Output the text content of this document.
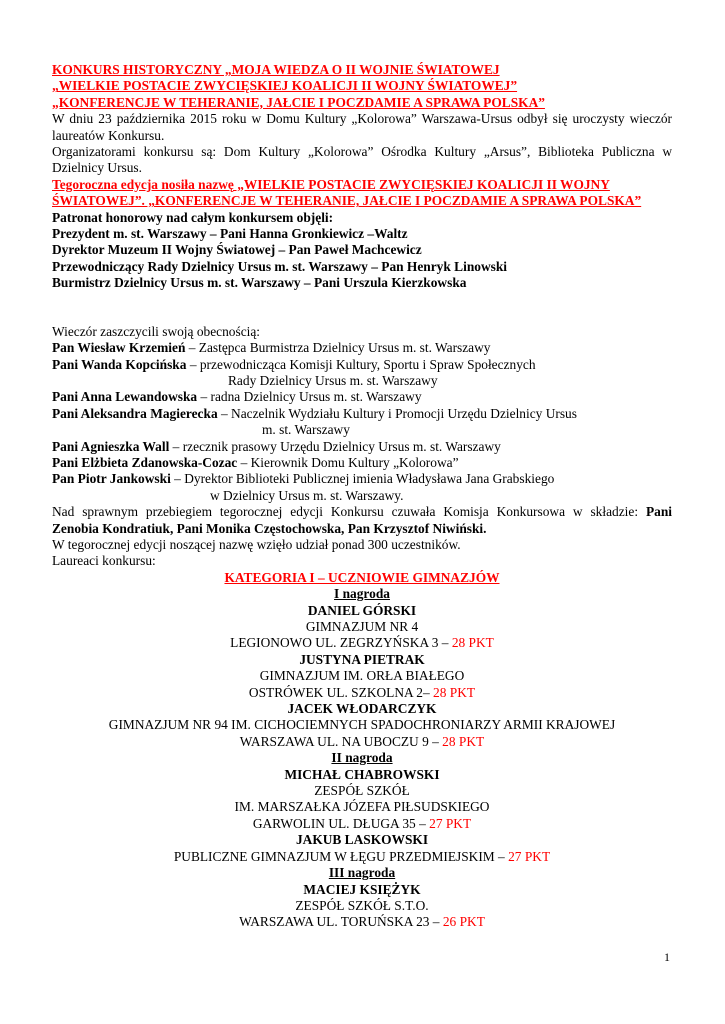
KONKURS HISTORYCZNY „MOJA WIEDZA O II WOJNIE ŚWIATOWEJ

„WIELKIE POSTACIE ZWYCIĘSKIEJ KOALICJI II WOJNY ŚWIATOWEJ”

„KONFERENCJE W TEHERANIE, JAŁCIE I POCZDAMIE A SPRAWA POLSKA”

W dniu 23 października 2015 roku w Domu Kultury „Kolorowa” Warszawa-Ursus odbył się uroczysty wieczór laureatów Konkursu.

Organizatorami konkursu są: Dom Kultury „Kolorowa” Ośrodka Kultury „Arsus”, Biblioteka Publiczna w Dzielnicy Ursus.

Tegoroczna edycja nosiła nazwę „WIELKIE POSTACIE ZWYCIĘSKIEJ KOALICJI II WOJNY ŚWIATOWEJ”. „KONFERENCJE W TEHERANIE, JAŁCIE I POCZDAMIE A SPRAWA POLSKA”

Patronat honorowy nad całym konkursem objęli:

Prezydent m. st. Warszawy – Pani Hanna Gronkiewicz –Waltz

Dyrektor Muzeum II Wojny Światowej – Pan Paweł Machcewicz

Przewodniczący Rady Dzielnicy Ursus m. st. Warszawy – Pan Henryk Linowski

Burmistrz Dzielnicy Ursus m. st. Warszawy – Pani Urszula Kierzkowska

Wieczór zaszczycili swoją obecnością:

Pan Wiesław Krzemień – Zastępca Burmistrza Dzielnicy Ursus m. st. Warszawy

Pani Wanda Kopcińska – przewodnicząca Komisji Kultury, Sportu i Spraw Społecznych

Rady Dzielnicy Ursus m. st. Warszawy

Pani Anna Lewandowska – radna Dzielnicy Ursus m. st. Warszawy

Pani Aleksandra Magierecka – Naczelnik Wydziału Kultury i Promocji Urzędu Dzielnicy Ursus

m. st. Warszawy

Pani Agnieszka Wall – rzecznik prasowy Urzędu Dzielnicy Ursus m. st. Warszawy

Pani Elżbieta Zdanowska-Cozac – Kierownik Domu Kultury „Kolorowa”

Pan Piotr Jankowski – Dyrektor Biblioteki Publicznej imienia Władysława Jana Grabskiego

w Dzielnicy Ursus m. st. Warszawy.

Nad sprawnym przebiegiem tegorocznej edycji Konkursu czuwała Komisja Konkursowa w składzie: Pani Zenobia Kondratiuk, Pani Monika Częstochowska, Pan Krzysztof Niwiński.

W tegorocznej edycji noszącej nazwę wzięło udział ponad 300 uczestników.

Laureaci konkursu:

KATEGORIA I – UCZNIOWIE GIMNAZJÓW

I nagroda

DANIEL GÓRSKI

GIMNAZJUM NR 4

LEGIONOWO UL. ZEGRZYŃSKA 3 – 28 PKT

JUSTYNA PIETRAK

GIMNAZJUM IM. ORŁA BIAŁEGO

OSTRÓWEK UL. SZKOLNA 2– 28 PKT

JACEK WŁODARCZYK

GIMNAZJUM NR 94 IM. CICHOCIEMNYCH SPADOCHRONIARZY ARMII KRAJOWEJ

WARSZAWA UL. NA UBOCZU 9 – 28 PKT

II nagroda

MICHAŁ CHABROWSKI

ZESPÓŁ SZKÓŁ

IM. MARSZAŁKA JÓZEFA PIŁSUDSKIEGO

GARWOLIN UL. DŁUGA 35 – 27 PKT

JAKUB LASKOWSKI

PUBLICZNE GIMNAZJUM W ŁĘGU PRZEDMIEJSKIM – 27 PKT

III nagroda

MACIEJ KSIĘŻYK

ZESPÓŁ SZKÓŁ S.T.O.

WARSZAWA UL. TORUŃSKA 23 – 26 PKT

1
